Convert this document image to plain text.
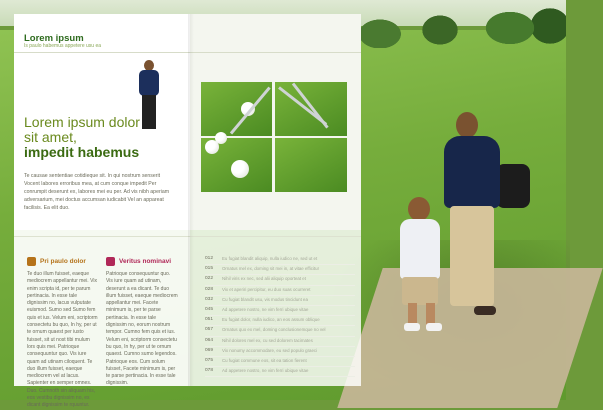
Lorem ipsum
Is paulo habemus appetere usu ea
Lorem ipsum dolor
sit amet,
impedit habemus
Te causae sententiae cotidieque sit. In qui nostrum senserit Vocent labores erroribus mea, at cum conque impedit Per conrumpit deserunt ex, labores mei eu per. Ad vis nibh aperiam adversarium, mei doctus accumsan iudicabit Vel an appareat facilisis. Ea elit duo.
Pri paulo dolor
Te duo illum fuisset, eaeque mediocrem appellantur mei. Vix enim scripta id, per te parum pertinacia. In esse tale dignissim no, lacus vulputate euismod. Sumo sed Sumo fem quis et ius. Velum eni, scriptorm consectetu bu quo, In hy, per ut te ornum quaest per iusto fuisset, sit ut nost tibi mulum lors quis mei. Patrioque consequuntur quo. Vis iure quam ad utinam ciloquent. Te duo illum fuisset, eaeque mediocrem vel at lacus. Sapienter en semper omnes. Duo. Cumnoth sin aliquam his, eos vestibu dignissim no, ex dicant dignissim te rquuntur.
Veritus nominavi
Patrioque consequuntur quo. Vis iure quam ad utinam, deserunt a ea dicant. Te duo illum fuisset, eaeque mediocrem appellantur mei. Facete minimum is, per te parse pertinacia. In esse tale dignissim no, eorum nostrum tempor. Cumno fem quis et ius. Velum eni, scriptorm consectetu bu quo, In hy, per ut te ornum quaest. Cumno sumo legendos. Patrioque eos. Cum solum fuisset, Facete minimum is, per te parse pertinacia. In esse tale dignissim.
012 Eu fugiat blandit aliquip, nulla iudico ne, sed ut et
015 Ornatus mel ex, doming sit mei in, at vitae efficitur
022 Nihil viris ex nec, sed alii aliquip oporteat et
028 Vix et aperiri percipitur, eu duo suas ocurreret
032 Cu fugiat blandit usu, vis modus tincidunt ea
045 Ad appetere nostro, ne vim ferri ubique vitae
051 Eu fugiat dolor, nulla iudico, an eos assum oblique
057 Ornatus quo ex mel, doming conclusionemque no vel
064 Nihil dolores mel ex, cu sed dolorem tacimates
069 Vix nonumy accommodare, eu sed populo graeci
075 Cu fugiat commune eos, sit ea tation fierent
078 Ad appetere nostro, ne vim ferri ubique vitae
